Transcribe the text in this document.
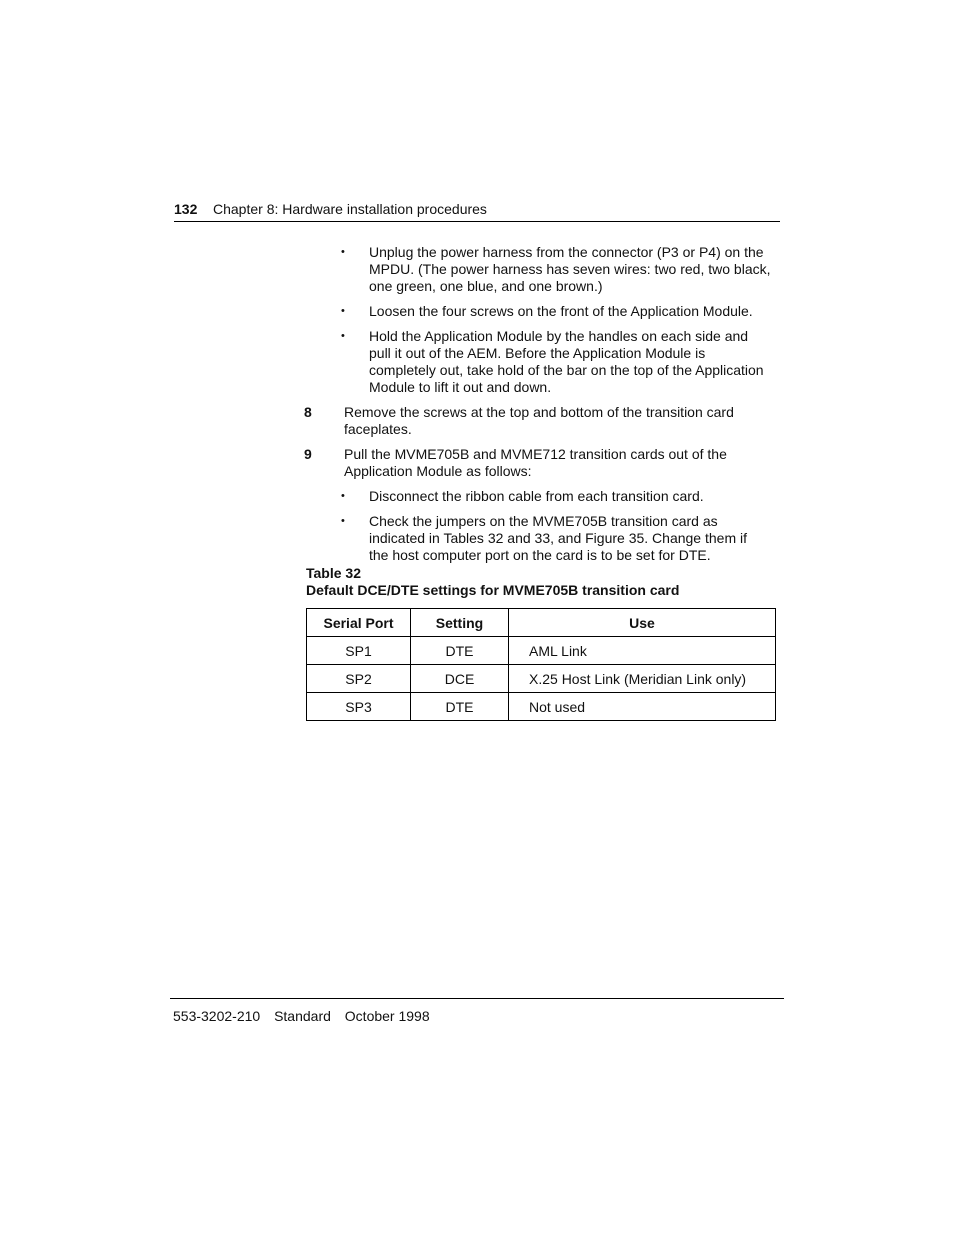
132 Chapter 8: Hardware installation procedures
• Unplug the power harness from the connector (P3 or P4) on the
MPDU. (The power harness has seven wires: two red, two black,
one green, one blue, and one brown.)
• Loosen the four screws on the front of the Application Module.
• Hold the Application Module by the handles on each side and
pull it out of the AEM. Before the Application Module is
completely out, take hold of the bar on the top of the Application
Module to lift it out and down.
8 Remove the screws at the top and bottom of the transition card
faceplates.
9 Pull the MVME705B and MVME712 transition cards out of the
Application Module as follows:
• Disconnect the ribbon cable from each transition card.
• Check the jumpers on the MVME705B transition card as
indicated in Tables 32 and 33, and Figure 35. Change them if
the host computer port on the card is to be set for DTE.
Table 32
Default DCE/DTE settings for MVME705B transition card
Serial Port	Setting	Use
SP1	DTE	AML Link
SP2	DCE	X.25 Host Link (Meridian Link only)
SP3	DTE	Not used
553-3202-210 Standard October 1998
